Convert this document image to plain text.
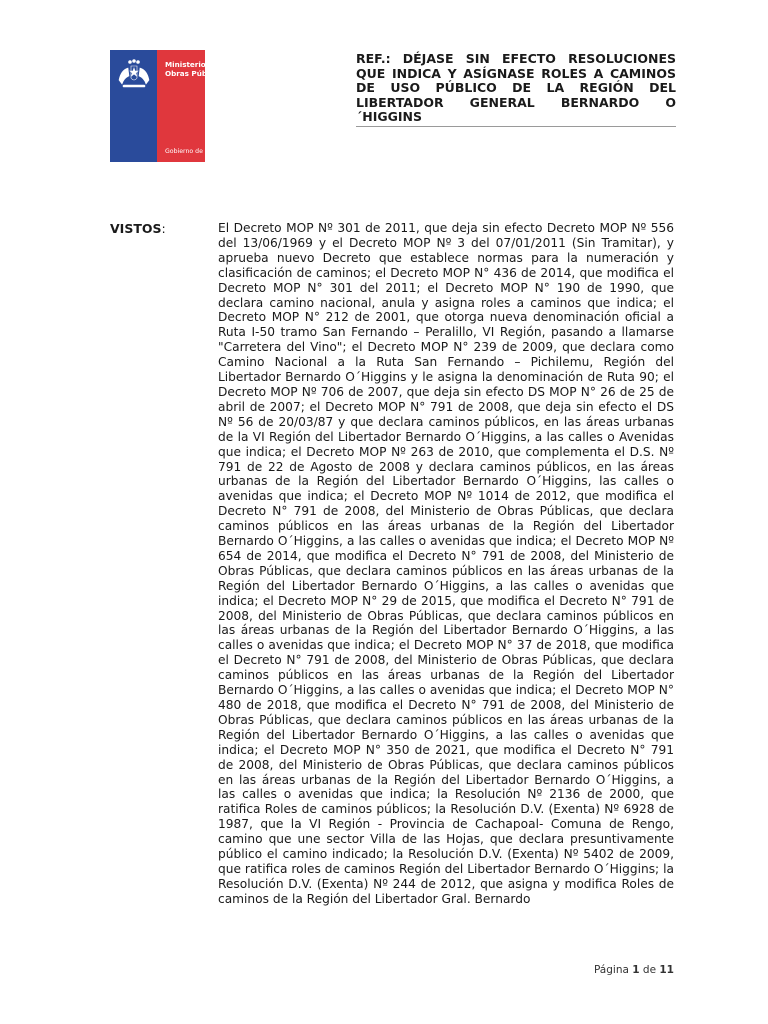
Ministerio de
Obras Públicas
Gobierno de Chile
REF.: DÉJASE SIN EFECTO RESOLUCIONES QUE INDICA Y ASÍGNASE ROLES A CAMINOS DE USO PÚBLICO DE LA REGIÓN DEL LIBERTADOR GENERAL BERNARDO O´HIGGINS
VISTOS:	El Decreto MOP Nº 301 de 2011, que deja sin efecto Decreto MOP Nº 556 del 13/06/1969 y el Decreto MOP Nº 3 del 07/01/2011 (Sin Tramitar), y aprueba nuevo Decreto que establece normas para la numeración y clasificación de caminos; el Decreto MOP N° 436 de 2014, que modifica el Decreto MOP N° 301 del 2011; el Decreto MOP N° 190 de 1990, que declara camino nacional, anula y asigna roles a caminos que indica; el Decreto MOP N° 212 de 2001, que otorga nueva denominación oficial a Ruta I-50 tramo San Fernando – Peralillo, VI Región, pasando a llamarse "Carretera del Vino"; el Decreto MOP N° 239 de 2009, que declara como Camino Nacional a la Ruta San Fernando – Pichilemu, Región del Libertador Bernardo O´Higgins y le asigna la denominación de Ruta 90; el Decreto MOP Nº 706 de 2007, que deja sin efecto DS MOP N° 26 de 25 de abril de 2007; el Decreto MOP N° 791 de 2008, que deja sin efecto el DS Nº 56 de 20/03/87 y que declara caminos públicos, en las áreas urbanas de la VI Región del Libertador Bernardo O´Higgins, a las calles o Avenidas que indica; el Decreto MOP Nº 263 de 2010, que complementa el D.S. Nº 791 de 22 de Agosto de 2008 y declara caminos públicos, en las áreas urbanas de la Región del Libertador Bernardo O´Higgins, las calles o avenidas que indica; el Decreto MOP Nº 1014 de 2012, que modifica el Decreto N° 791 de 2008, del Ministerio de Obras Públicas, que declara caminos públicos en las áreas urbanas de la Región del Libertador Bernardo O´Higgins, a las calles o avenidas que indica; el Decreto MOP Nº 654 de 2014, que modifica el Decreto N° 791 de 2008, del Ministerio de Obras Públicas, que declara caminos públicos en las áreas urbanas de la Región del Libertador Bernardo O´Higgins, a las calles o avenidas que indica; el Decreto MOP N° 29 de 2015, que modifica el Decreto N° 791 de 2008, del Ministerio de Obras Públicas, que declara caminos públicos en las áreas urbanas de la Región del Libertador Bernardo O´Higgins, a las calles o avenidas que indica; el Decreto MOP N° 37 de 2018, que modifica el Decreto N° 791 de 2008, del Ministerio de Obras Públicas, que declara caminos públicos en las áreas urbanas de la Región del Libertador Bernardo O´Higgins, a las calles o avenidas que indica; el Decreto MOP N° 480 de 2018, que modifica el Decreto N° 791 de 2008, del Ministerio de Obras Públicas, que declara caminos públicos en las áreas urbanas de la Región del Libertador Bernardo O´Higgins, a las calles o avenidas que indica; el Decreto MOP N° 350 de 2021, que modifica el Decreto N° 791 de 2008, del Ministerio de Obras Públicas, que declara caminos públicos en las áreas urbanas de la Región del Libertador Bernardo O´Higgins, a las calles o avenidas que indica; la Resolución Nº 2136 de 2000, que ratifica Roles de caminos públicos; la Resolución D.V. (Exenta) Nº 6928 de 1987, que la VI Región - Provincia de Cachapoal- Comuna de Rengo, camino que une sector Villa de las Hojas, que declara presuntivamente público el camino indicado; la Resolución D.V. (Exenta) Nº 5402 de 2009, que ratifica roles de caminos Región del Libertador Bernardo O´Higgins; la Resolución D.V. (Exenta) Nº 244 de 2012, que asigna y modifica Roles de caminos de la Región del Libertador Gral. Bernardo
Página 1 de 11
